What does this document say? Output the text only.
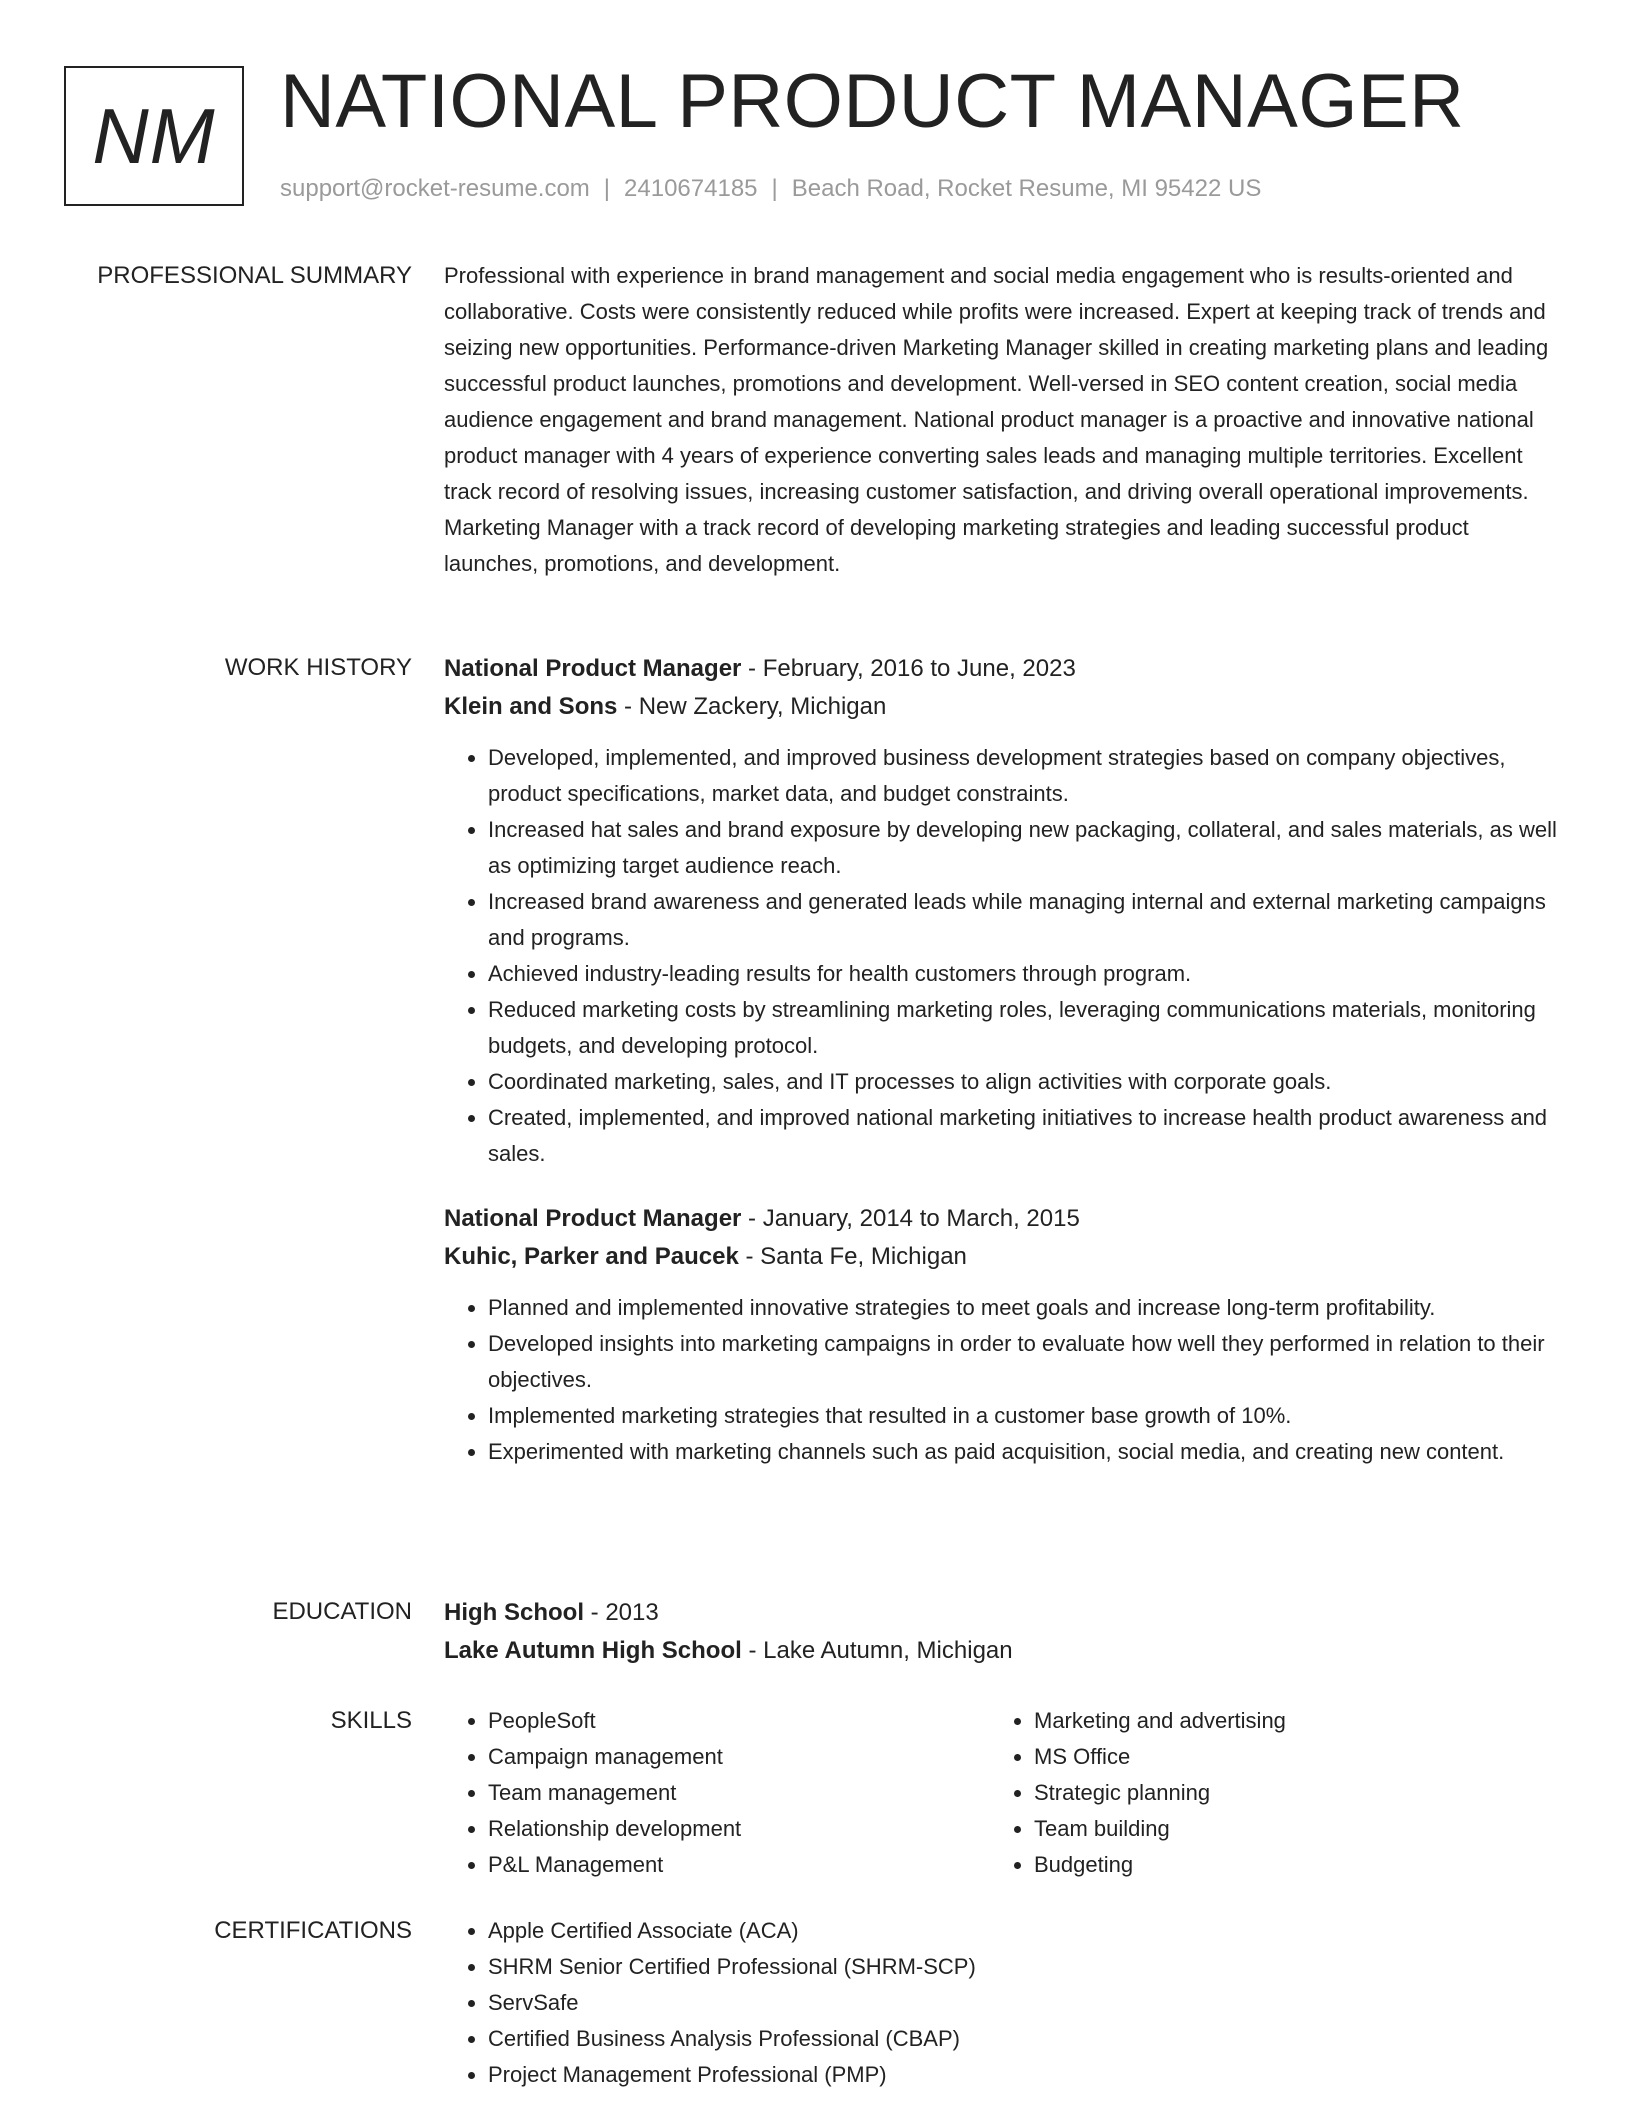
NM NATIONAL PRODUCT MANAGER
support@rocket-resume.com | 2410674185 | Beach Road, Rocket Resume, MI 95422 US
PROFESSIONAL SUMMARY Professional with experience in brand management and social media engagement who is results-oriented and collaborative. Costs were consistently reduced while profits were increased. Expert at keeping track of trends and seizing new opportunities. Performance-driven Marketing Manager skilled in creating marketing plans and leading successful product launches, promotions and development. Well-versed in SEO content creation, social media audience engagement and brand management. National product manager is a proactive and innovative national product manager with 4 years of experience converting sales leads and managing multiple territories. Excellent track record of resolving issues, increasing customer satisfaction, and driving overall operational improvements. Marketing Manager with a track record of developing marketing strategies and leading successful product launches, promotions, and development.

WORK HISTORY National Product Manager - February, 2016 to June, 2023

Klein and Sons - New Zackery, Michigan

• Developed, implemented, and improved business development strategies based on company objectives, product specifications, market data, and budget constraints.
• Increased hat sales and brand exposure by developing new packaging, collateral, and sales materials, as well as optimizing target audience reach.
• Increased brand awareness and generated leads while managing internal and external marketing campaigns and programs.
• Achieved industry-leading results for health customers through program.
• Reduced marketing costs by streamlining marketing roles, leveraging communications materials, monitoring budgets, and developing protocol.
• Coordinated marketing, sales, and IT processes to align activities with corporate goals.
• Created, implemented, and improved national marketing initiatives to increase health product awareness and sales.

National Product Manager - January, 2014 to March, 2015

Kuhic, Parker and Paucek - Santa Fe, Michigan

• Planned and implemented innovative strategies to meet goals and increase long-term profitability.
• Developed insights into marketing campaigns in order to evaluate how well they performed in relation to their objectives.
• Implemented marketing strategies that resulted in a customer base growth of 10%.
• Experimented with marketing channels such as paid acquisition, social media, and creating new content.
EDUCATION High School - 2013

Lake Autumn High School - Lake Autumn, Michigan

SKILLS	• PeopleSoft
• Campaign management
• Team management
• Relationship development
• P&L Management
• Marketing and advertising
• MS Office
• Strategic planning
• Team building
• Budgeting
CERTIFICATIONS	• Apple Certified Associate (ACA)
• SHRM Senior Certified Professional (SHRM-SCP)
• ServSafe
• Certified Business Analysis Professional (CBAP)
• Project Management Professional (PMP)
